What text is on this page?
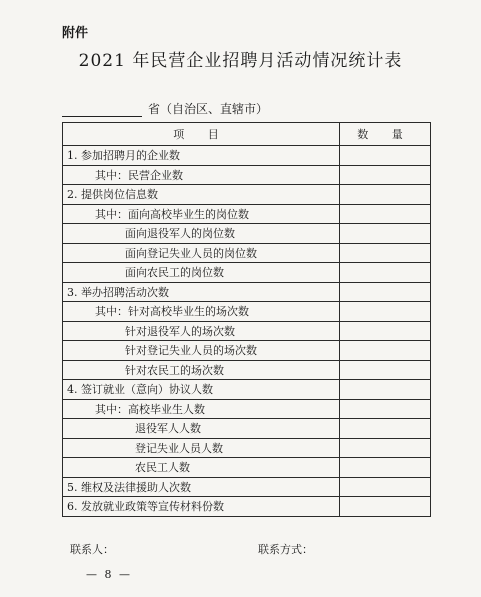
附件
2021 年民营企业招聘月活动情况统计表
省（自治区、直辖市）
项 目	数 量
1. 参加招聘月的企业数	
其中：民营企业数	
2. 提供岗位信息数	
其中：面向高校毕业生的岗位数	
面向退役军人的岗位数	
面向登记失业人员的岗位数	
面向农民工的岗位数	
3. 举办招聘活动次数	
其中：针对高校毕业生的场次数	
针对退役军人的场次数	
针对登记失业人员的场次数	
针对农民工的场次数	
4. 签订就业（意向）协议人数	
其中：高校毕业生人数	
退役军人人数	
登记失业人员人数	
农民工人数	
5. 维权及法律援助人次数	
6. 发放就业政策等宣传材料份数	
联系人：	联系方式：
— 8 —
